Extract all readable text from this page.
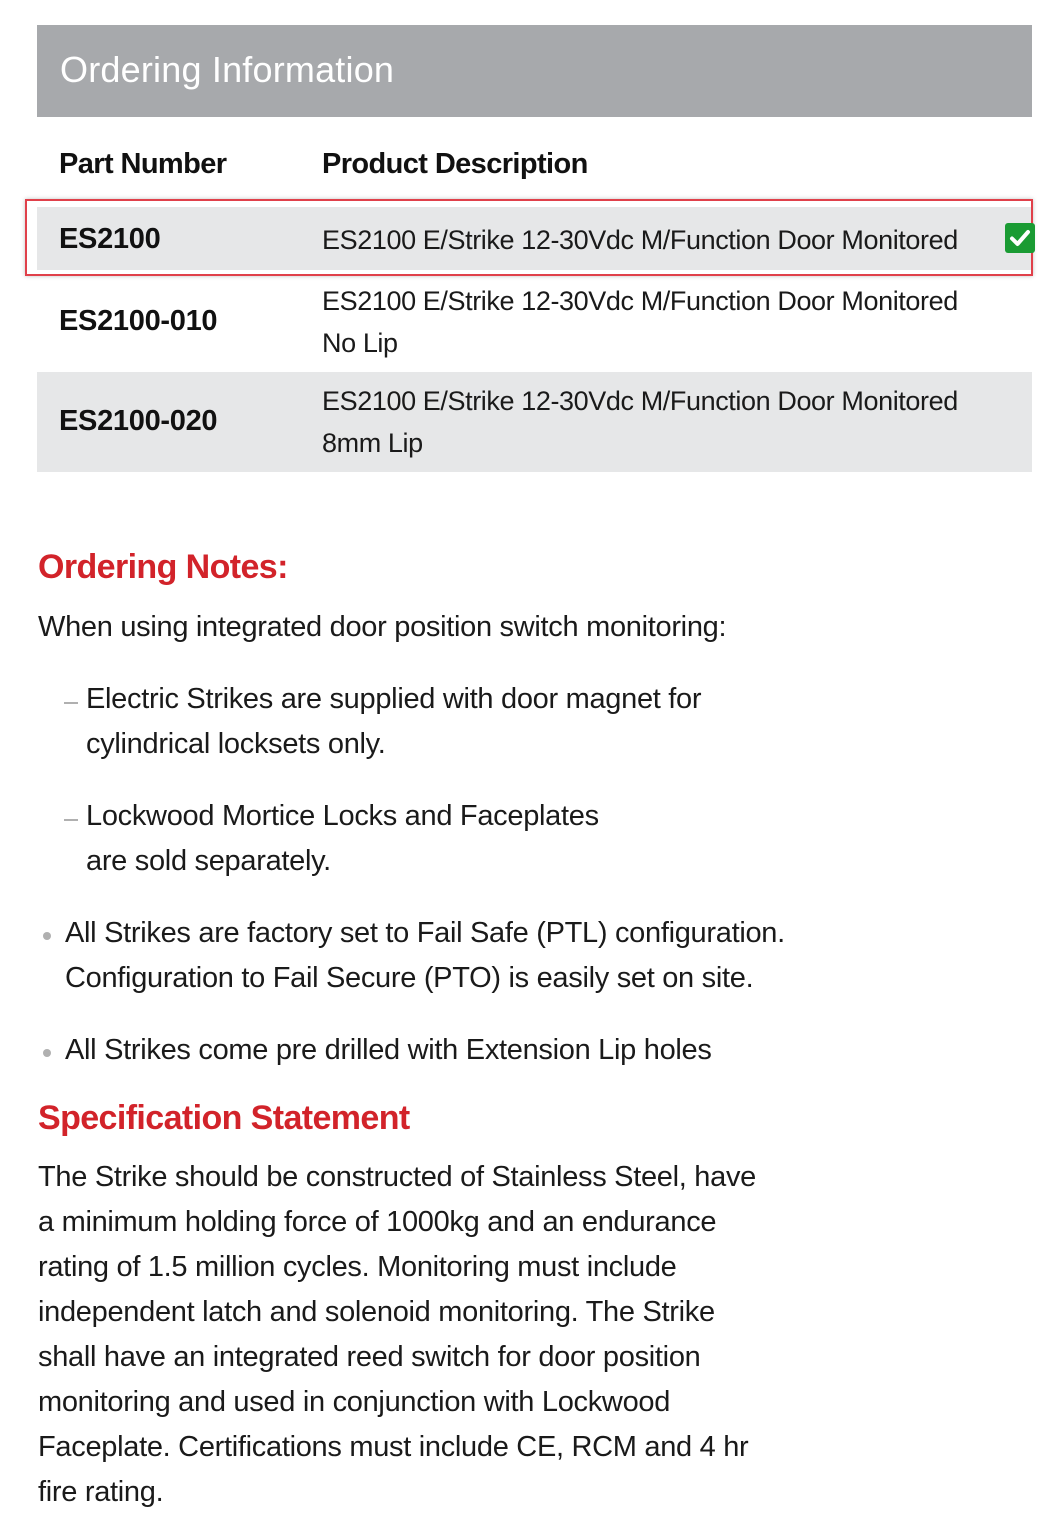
Ordering Information
Part Number	Product Description
ES2100	ES2100 E/Strike 12-30Vdc M/Function Door Monitored
ES2100-010
ES2100 E/Strike 12-30Vdc M/Function Door Monitored
No Lip
ES2100-020
ES2100 E/Strike 12-30Vdc M/Function Door Monitored
8mm Lip
Ordering Notes:
When using integrated door position switch monitoring:
Electric Strikes are supplied with door magnet for
cylindrical locksets only.
Lockwood Mortice Locks and Faceplates
are sold separately.
All Strikes are factory set to Fail Safe (PTL) configuration.
Configuration to Fail Secure (PTO) is easily set on site.
All Strikes come pre drilled with Extension Lip holes
Specification Statement
The Strike should be constructed of Stainless Steel, have
a minimum holding force of 1000kg and an endurance
rating of 1.5 million cycles. Monitoring must include
independent latch and solenoid monitoring. The Strike
shall have an integrated reed switch for door position
monitoring and used in conjunction with Lockwood
Faceplate. Certifications must include CE, RCM and 4 hr
fire rating.
